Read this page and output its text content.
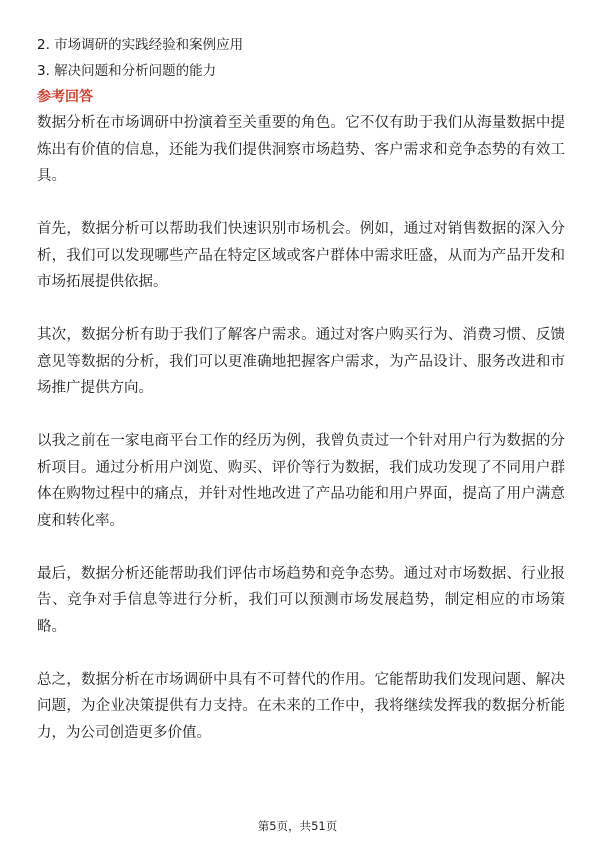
2. 市场调研的实践经验和案例应用

3. 解决问题和分析问题的能力

参考回答

数据分析在市场调研中扮演着至关重要的角色。它不仅有助于我们从海量数据中提炼出有价值的信息，还能为我们提供洞察市场趋势、客户需求和竞争态势的有效工具。

首先，数据分析可以帮助我们快速识别市场机会。例如，通过对销售数据的深入分析，我们可以发现哪些产品在特定区域或客户群体中需求旺盛，从而为产品开发和市场拓展提供依据。

其次，数据分析有助于我们了解客户需求。通过对客户购买行为、消费习惯、反馈意见等数据的分析，我们可以更准确地把握客户需求，为产品设计、服务改进和市场推广提供方向。

以我之前在一家电商平台工作的经历为例，我曾负责过一个针对用户行为数据的分析项目。通过分析用户浏览、购买、评价等行为数据，我们成功发现了不同用户群体在购物过程中的痛点，并针对性地改进了产品功能和用户界面，提高了用户满意度和转化率。

最后，数据分析还能帮助我们评估市场趋势和竞争态势。通过对市场数据、行业报告、竞争对手信息等进行分析，我们可以预测市场发展趋势，制定相应的市场策略。

总之，数据分析在市场调研中具有不可替代的作用。它能帮助我们发现问题、解决问题，为企业决策提供有力支持。在未来的工作中，我将继续发挥我的数据分析能力，为公司创造更多价值。

第5页，共51页
